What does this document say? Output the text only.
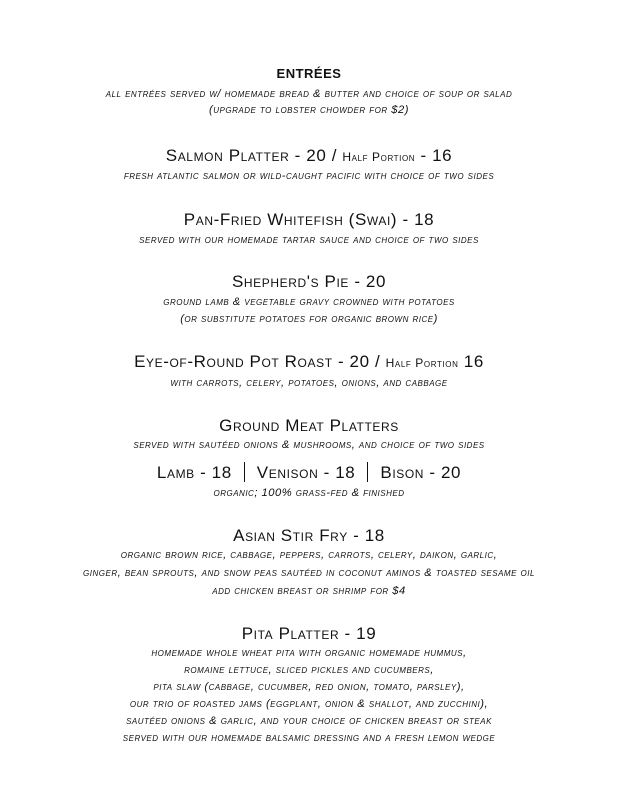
entrées
all entrées served w/ homemade bread & butter and choice of soup or salad
(upgrade to lobster chowder for $2)
Salmon Platter - 20 / Half Portion - 16
fresh atlantic salmon or wild-caught pacific with choice of two sides
Pan-Fried Whitefish (Swai) - 18
served with our homemade tartar sauce and choice of two sides
Shepherd's Pie - 20
ground lamb & vegetable gravy crowned with potatoes
(or substitute potatoes for organic brown rice)
Eye-of-Round Pot Roast - 20 / Half Portion 16
with carrots, celery, potatoes, onions, and cabbage
Ground Meat Platters
served with sautéed onions & mushrooms, and choice of two sides
Lamb - 18 Venison - 18 Bison - 20
organic; 100% grass-fed & finished
Asian Stir Fry - 18
organic brown rice, cabbage, peppers, carrots, celery, daikon, garlic,
ginger, bean sprouts, and snow peas sautéed in coconut aminos & toasted sesame oil
add chicken breast or shrimp for $4
Pita Platter - 19
homemade whole wheat pita with organic homemade hummus,
romaine lettuce, sliced pickles and cucumbers,
pita slaw (cabbage, cucumber, red onion, tomato, parsley),
our trio of roasted jams (eggplant, onion & shallot, and zucchini),
sautéed onions & garlic, and your choice of chicken breast or steak
served with our homemade balsamic dressing and a fresh lemon wedge
